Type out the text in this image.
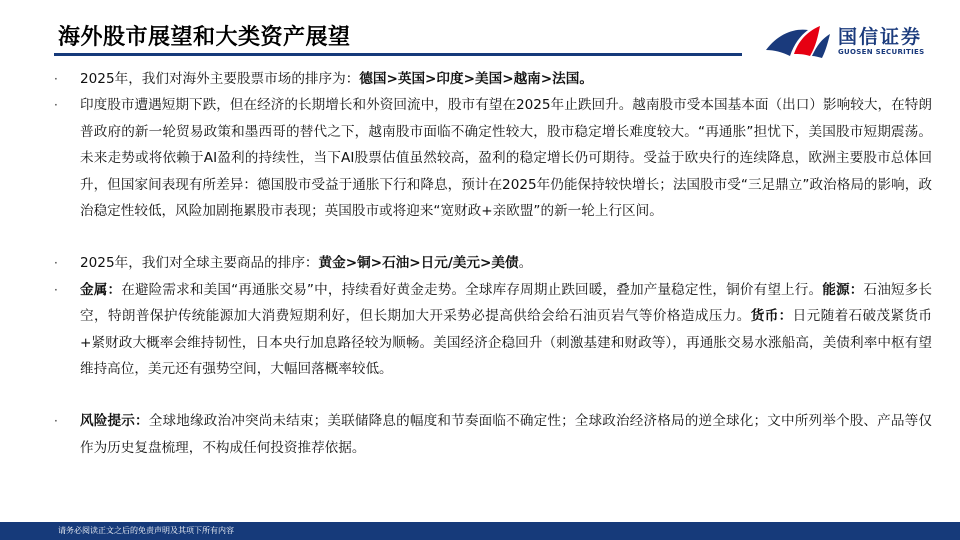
海外股市展望和大类资产展望	国信证券
GUOSEN SECURITIES
·	2025年，我们对海外主要股票市场的排序为：德国>英国>印度>美国>越南>法国。
·	印度股市遭遇短期下跌，但在经济的长期增长和外资回流中，股市有望在2025年止跌回升。越南股市受本国基本面（出口）影响较大，在特朗普政府的新一轮贸易政策和墨西哥的替代之下，越南股市面临不确定性较大，股市稳定增长难度较大。“再通胀”担忧下，美国股市短期震荡。未来走势或将依赖于AI盈利的持续性，当下AI股票估值虽然较高，盈利的稳定增长仍可期待。受益于欧央行的连续降息，欧洲主要股市总体回升，但国家间表现有所差异：德国股市受益于通胀下行和降息，预计在2025年仍能保持较快增长；法国股市受“三足鼎立”政治格局的影响，政治稳定性较低，风险加剧拖累股市表现；英国股市或将迎来“宽财政+亲欧盟”的新一轮上行区间。
·	2025年，我们对全球主要商品的排序：黄金>铜>石油>日元/美元>美债。
·	金属：在避险需求和美国“再通胀交易”中，持续看好黄金走势。全球库存周期止跌回暖，叠加产量稳定性，铜价有望上行。能源：石油短多长空，特朗普保护传统能源加大消费短期利好，但长期加大开采势必提高供给会给石油页岩气等价格造成压力。货币：日元随着石破茂紧货币+紧财政大概率会维持韧性，日本央行加息路径较为顺畅。美国经济企稳回升（刺激基建和财政等），再通胀交易水涨船高，美债利率中枢有望维持高位，美元还有强势空间，大幅回落概率较低。
·	风险提示：全球地缘政治冲突尚未结束；美联储降息的幅度和节奏面临不确定性；全球政治经济格局的逆全球化；文中所列举个股、产品等仅作为历史复盘梳理，不构成任何投资推荐依据。
请务必阅读正文之后的免责声明及其项下所有内容
